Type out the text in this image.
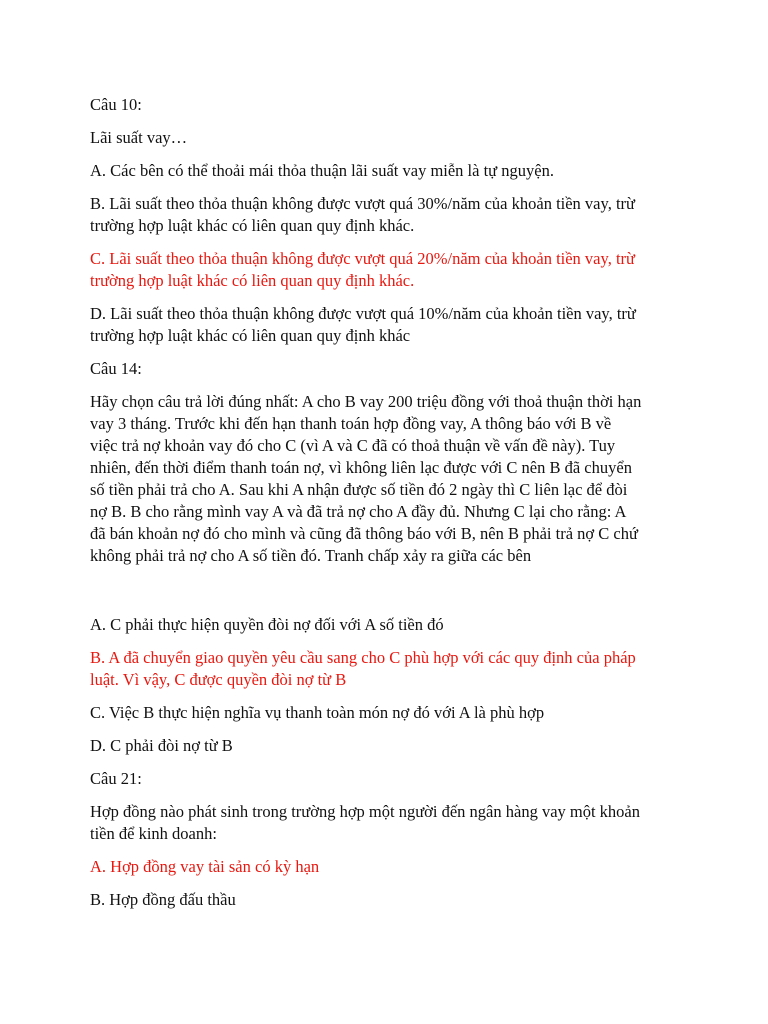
Câu 10:

Lãi suất vay…

A. Các bên có thể thoải mái thỏa thuận lãi suất vay miễn là tự nguyện.

B. Lãi suất theo thỏa thuận không được vượt quá 30%/năm của khoản tiền vay, trừ
trường hợp luật khác có liên quan quy định khác.

C. Lãi suất theo thỏa thuận không được vượt quá 20%/năm của khoản tiền vay, trừ
trường hợp luật khác có liên quan quy định khác.

D. Lãi suất theo thỏa thuận không được vượt quá 10%/năm của khoản tiền vay, trừ
trường hợp luật khác có liên quan quy định khác

Câu 14:

Hãy chọn câu trả lời đúng nhất: A cho B vay 200 triệu đồng với thoả thuận thời hạn
vay 3 tháng. Trước khi đến hạn thanh toán hợp đồng vay, A thông báo với B về
việc trả nợ khoản vay đó cho C (vì A và C đã có thoả thuận về vấn đề này). Tuy
nhiên, đến thời điểm thanh toán nợ, vì không liên lạc được với C nên B đã chuyển
số tiền phải trả cho A. Sau khi A nhận được số tiền đó 2 ngày thì C liên lạc để đòi
nợ B. B cho rằng mình vay A và đã trả nợ cho A đầy đủ. Nhưng C lại cho rằng: A
đã bán khoản nợ đó cho mình và cũng đã thông báo với B, nên B phải trả nợ C chứ
không phải trả nợ cho A số tiền đó. Tranh chấp xảy ra giữa các bên

A. C phải thực hiện quyền đòi nợ đối với A số tiền đó

B. A đã chuyển giao quyền yêu cầu sang cho C phù hợp với các quy định của pháp
luật. Vì vậy, C được quyền đòi nợ từ B

C. Việc B thực hiện nghĩa vụ thanh toàn món nợ đó với A là phù hợp

D. C phải đòi nợ từ B

Câu 21:

Hợp đồng nào phát sinh trong trường hợp một người đến ngân hàng vay một khoản
tiền để kinh doanh:

A. Hợp đồng vay tài sản có kỳ hạn

B. Hợp đồng đấu thầu
